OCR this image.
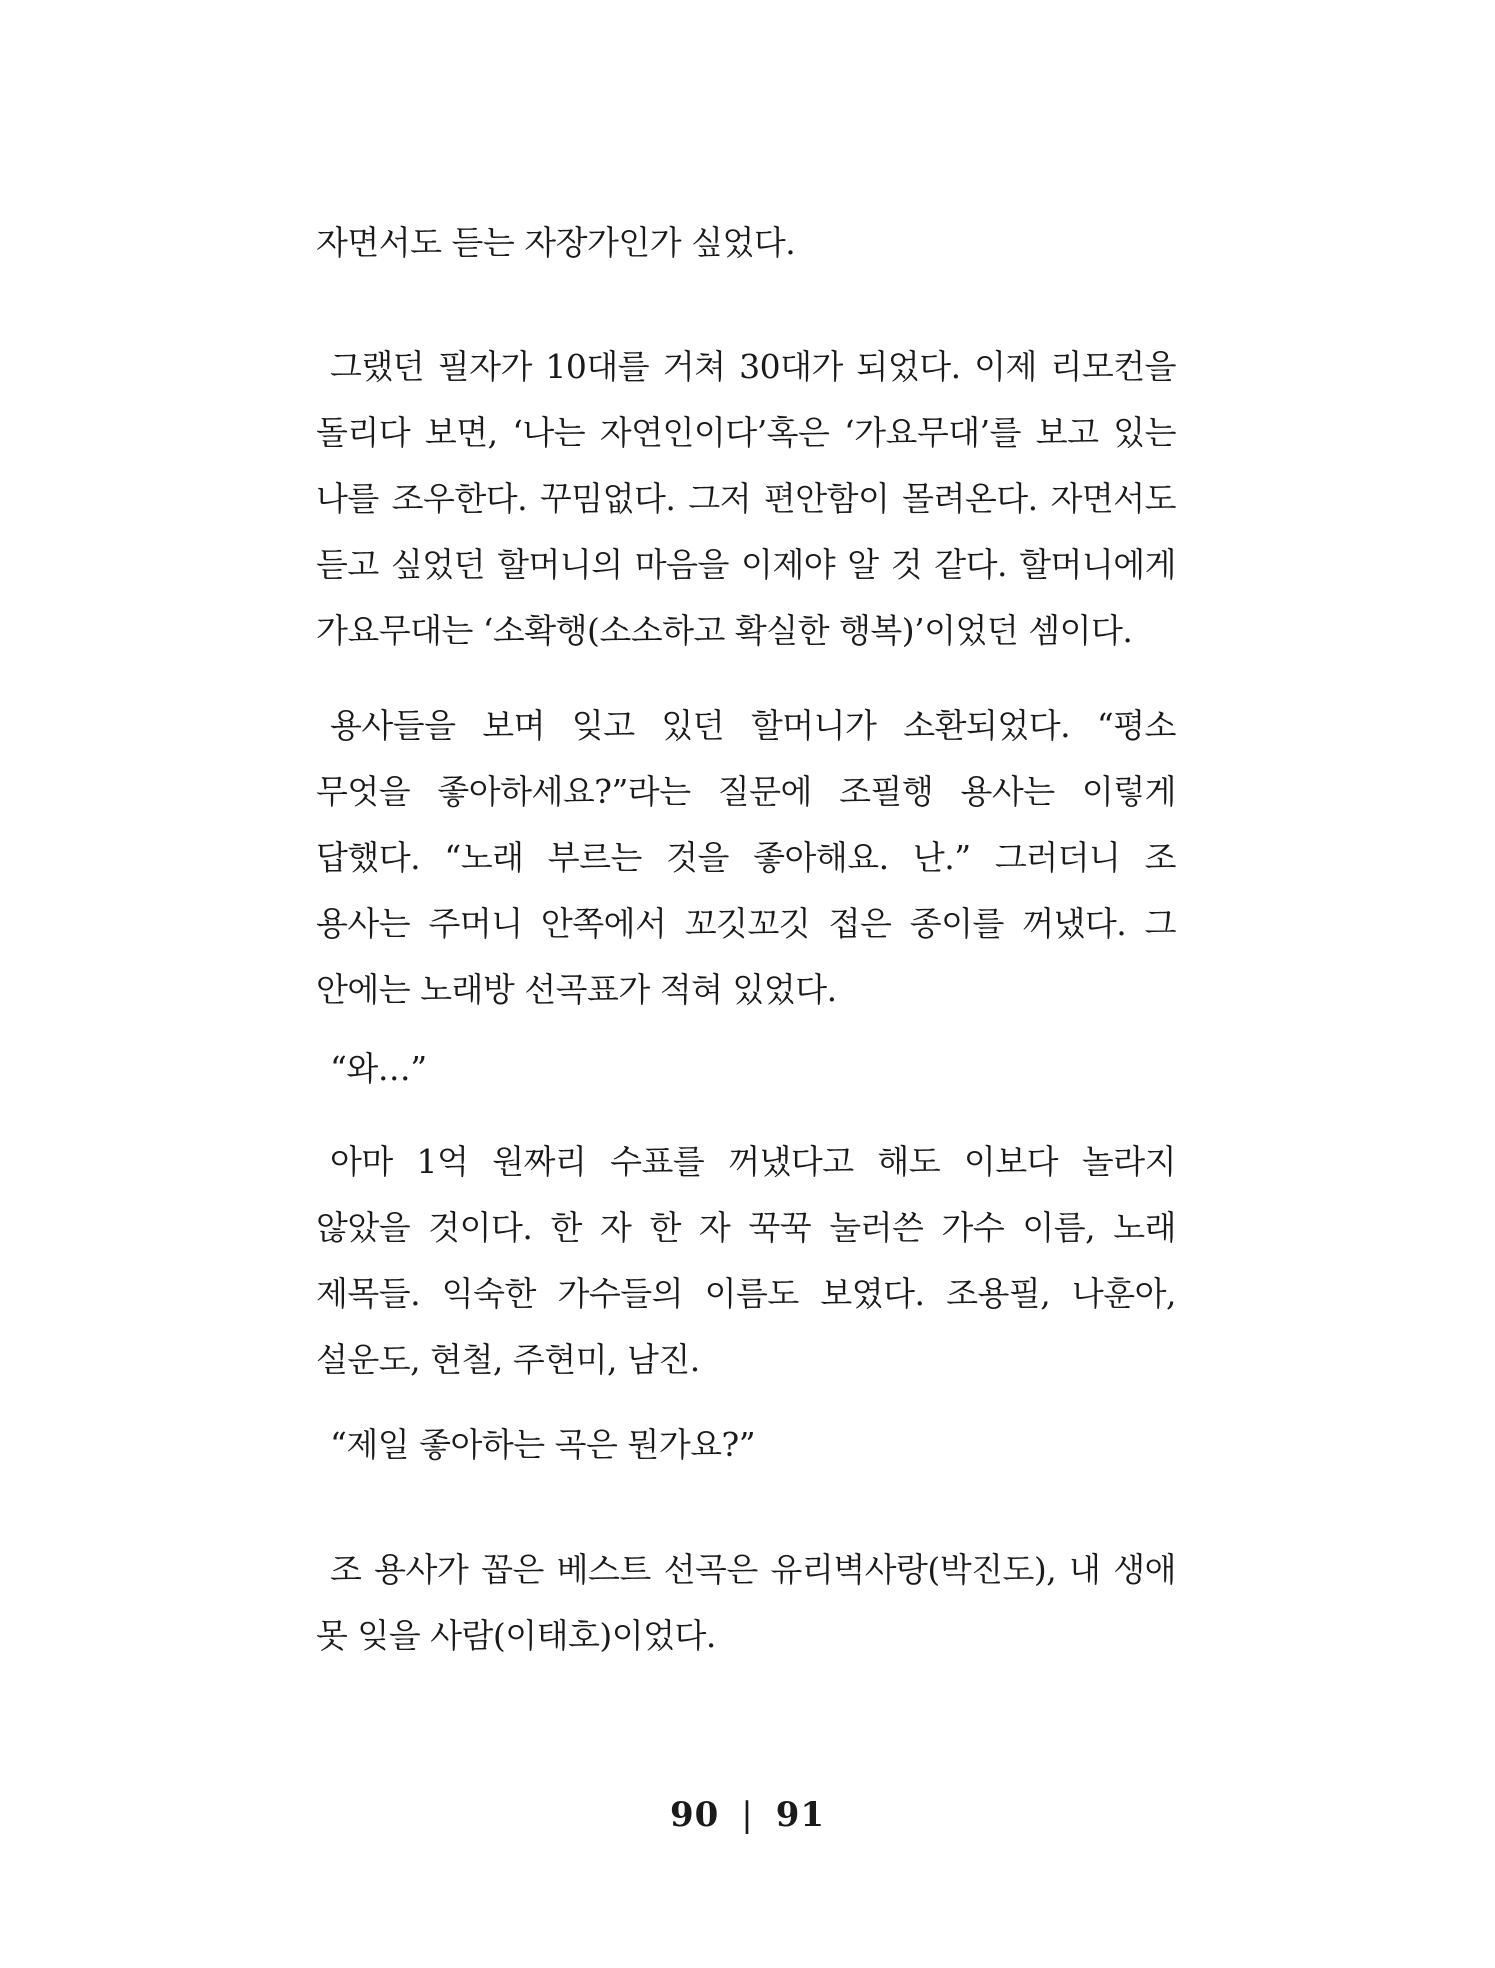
자면서도 듣는 자장가인가 싶었다.

그랬던 필자가 10대를 거쳐 30대가 되었다. 이제 리모컨을 돌리다 보면, ‘나는 자연인이다’혹은 ‘가요무대’를 보고 있는 나를 조우한다. 꾸밈없다. 그저 편안함이 몰려온다. 자면서도 듣고 싶었던 할머니의 마음을 이제야 알 것 같다. 할머니에게 가요무대는 ‘소확행(소소하고 확실한 행복)’이었던 셈이다.

용사들을 보며 잊고 있던 할머니가 소환되었다. “평소 무엇을 좋아하세요?”라는 질문에 조필행 용사는 이렇게 답했다. “노래 부르는 것을 좋아해요. 난.” 그러더니 조 용사는 주머니 안쪽에서 꼬깃꼬깃 접은 종이를 꺼냈다. 그 안에는 노래방 선곡표가 적혀 있었다.

“와…”

아마 1억 원짜리 수표를 꺼냈다고 해도 이보다 놀라지 않았을 것이다. 한 자 한 자 꾹꾹 눌러쓴 가수 이름, 노래 제목들. 익숙한 가수들의 이름도 보였다. 조용필, 나훈아, 설운도, 현철, 주현미, 남진.

“제일 좋아하는 곡은 뭔가요?”

조 용사가 꼽은 베스트 선곡은 유리벽사랑(박진도), 내 생애 못 잊을 사람(이태호)이었다.

90 | 91
